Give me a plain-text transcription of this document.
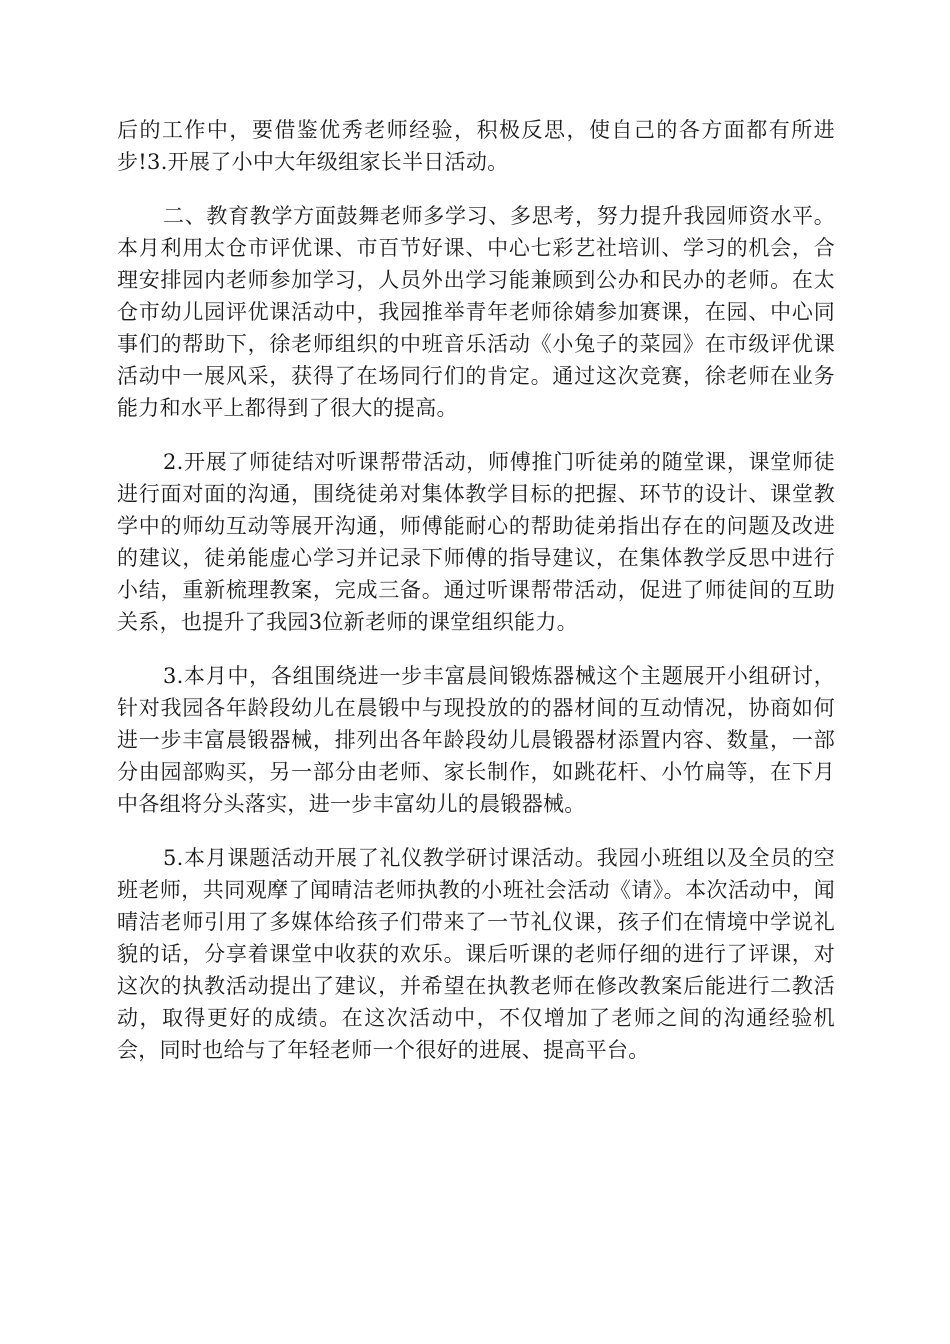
后的工作中，要借鉴优秀老师经验，积极反思，使自己的各方面都有所进步!3.开展了小中大年级组家长半日活动。

二、教育教学方面鼓舞老师多学习、多思考，努力提升我园师资水平。本月利用太仓市评优课、市百节好课、中心七彩艺社培训、学习的机会，合理安排园内老师参加学习，人员外出学习能兼顾到公办和民办的老师。在太仓市幼儿园评优课活动中，我园推举青年老师徐婧参加赛课，在园、中心同事们的帮助下，徐老师组织的中班音乐活动《小兔子的菜园》在市级评优课活动中一展风采，获得了在场同行们的肯定。通过这次竞赛，徐老师在业务能力和水平上都得到了很大的提高。

2.开展了师徒结对听课帮带活动，师傅推门听徒弟的随堂课，课堂师徒进行面对面的沟通，围绕徒弟对集体教学目标的把握、环节的设计、课堂教学中的师幼互动等展开沟通，师傅能耐心的帮助徒弟指出存在的问题及改进的建议，徒弟能虚心学习并记录下师傅的指导建议，在集体教学反思中进行小结，重新梳理教案，完成三备。通过听课帮带活动，促进了师徒间的互助关系，也提升了我园3位新老师的课堂组织能力。

3.本月中，各组围绕进一步丰富晨间锻炼器械这个主题展开小组研讨，针对我园各年龄段幼儿在晨锻中与现投放的的器材间的互动情况，协商如何进一步丰富晨锻器械，排列出各年龄段幼儿晨锻器材添置内容、数量，一部分由园部购买，另一部分由老师、家长制作，如跳花杆、小竹扁等，在下月中各组将分头落实，进一步丰富幼儿的晨锻器械。

5.本月课题活动开展了礼仪教学研讨课活动。我园小班组以及全员的空班老师，共同观摩了闻晴洁老师执教的小班社会活动《请》。本次活动中，闻晴洁老师引用了多媒体给孩子们带来了一节礼仪课，孩子们在情境中学说礼貌的话，分享着课堂中收获的欢乐。课后听课的老师仔细的进行了评课，对这次的执教活动提出了建议，并希望在执教老师在修改教案后能进行二教活动，取得更好的成绩。在这次活动中，不仅增加了老师之间的沟通经验机会，同时也给与了年轻老师一个很好的进展、提高平台。
